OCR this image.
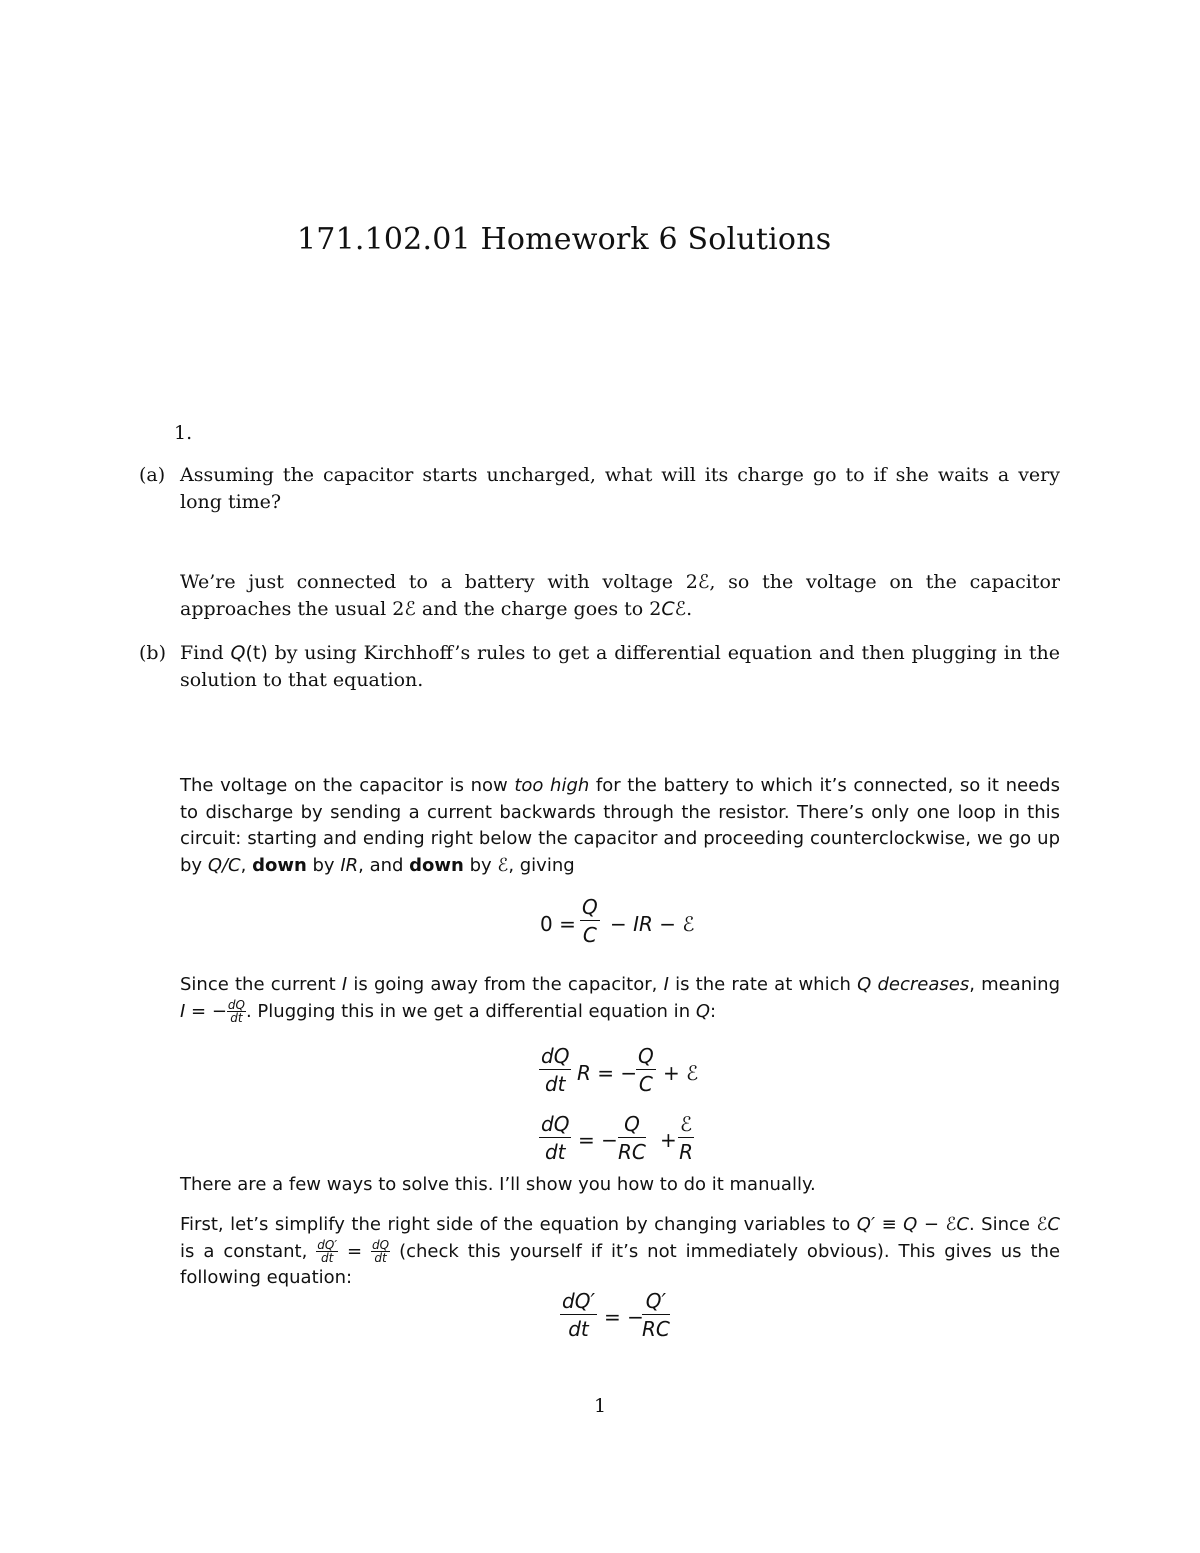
171.102.01 Homework 6 Solutions
1.
(a) Assuming the capacitor starts uncharged, what will its charge go to if she waits a very long time?
We’re just connected to a battery with voltage 2ℰ, so the voltage on the capacitor approaches the usual 2ℰ and the charge goes to 2Cℰ.
(b) Find Q(t) by using Kirchhoff’s rules to get a differential equation and then plugging in the solution to that equation.
The voltage on the capacitor is now too high for the battery to which it’s connected, so it needs to discharge by sending a current backwards through the resistor. There’s only one loop in this circuit: starting and ending right below the capacitor and proceeding counterclockwise, we go up by Q/C, down by IR, and down by ℰ, giving
$0 = \frac{Q}{C}$ − IR − ℰ
Since the current I is going away from the capacitor, I is the rate at which Q decreases, meaning I = − $\frac{dQ}{dt}$ . Plugging this in we get a differential equation in Q:
$\frac{dQ}{dt}$ R = −
$\frac{Q}{C}$ + ℰ
$\frac{dQ}{dt}$ = − $\frac{Q}{RC}$ +
ℰ
R
There are a few ways to solve this. I’ll show you how to do it manually.
First, let’s simplify the right side of the equation by changing variables to Q′ ≡ Q − ℰC. Since ℰC is a constant, $\frac{dQ'}{dt} = \frac{dQ}{dt}$ (check this yourself if it’s not immediately obvious). This gives us the following equation:
$\frac{dQ'}{dt}$ = −
$\frac{Q'}{RC}$
1
